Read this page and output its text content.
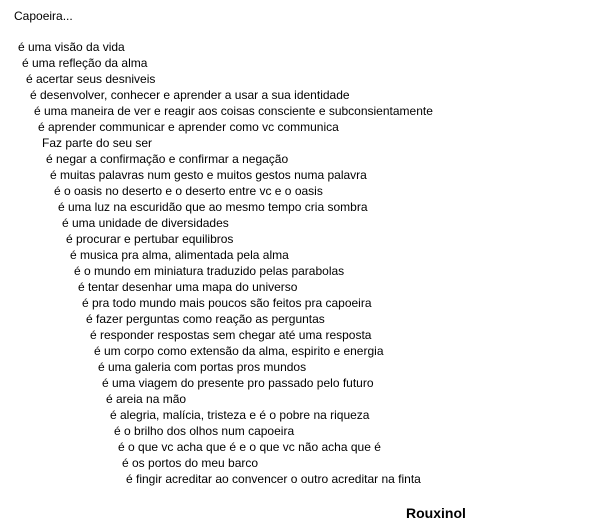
Capoeira...
é uma visão da vida
é uma refleção da alma
é acertar seus desniveis
é desenvolver, conhecer e aprender a usar a sua identidade
é uma maneira de ver e reagir aos coisas consciente e subconsientamente
é aprender communicar e aprender como vc communica
Faz parte do seu ser
é negar a confirmação e confirmar a negação
é muitas palavras num gesto e muitos gestos numa palavra
é o oasis no deserto e o deserto entre vc e o oasis
é uma luz na escuridão que ao mesmo tempo cria sombra
é uma unidade de diversidades
é procurar e pertubar equilibros
é musica pra alma, alimentada pela alma
é o mundo em miniatura traduzido pelas parabolas
é tentar desenhar uma mapa do universo
é pra todo mundo mais poucos são feitos pra capoeira
é fazer perguntas como reação as perguntas
é responder respostas sem chegar até uma resposta
é um corpo como extensão da alma, espirito e energia
é uma galeria com portas pros mundos
é uma viagem do presente pro passado pelo futuro
é areia na mão
é alegria, malícia, tristeza e é o pobre na riqueza
é o brilho dos olhos num capoeira
é o que vc acha que é e o que vc não acha que é
é os portos do meu barco
é fingir acreditar ao convencer o outro acreditar na finta
Rouxinol
